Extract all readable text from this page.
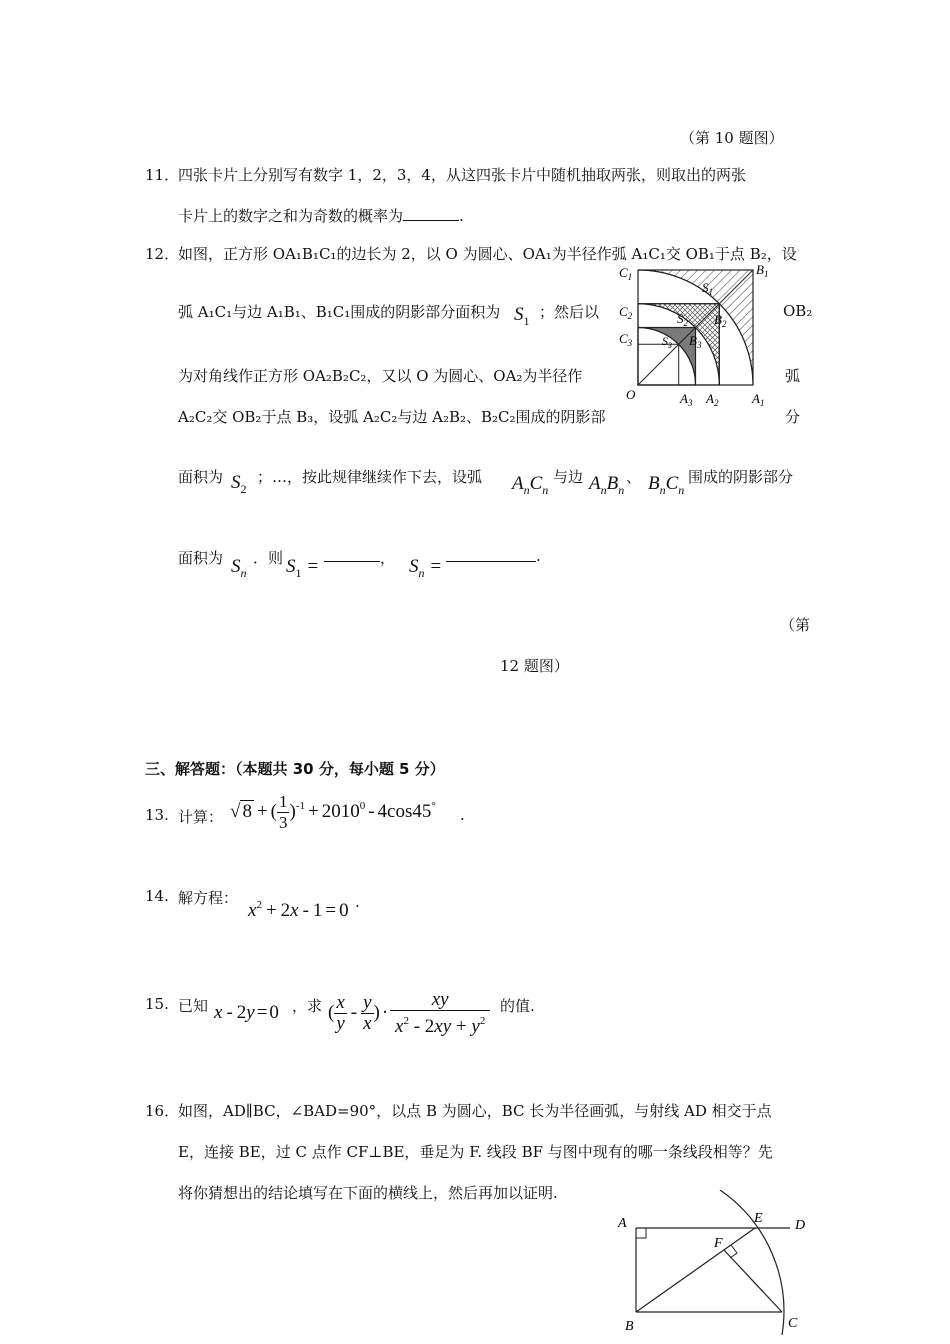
（第 10 题图）
11．
四张卡片上分别写有数字 1，2，3，4，从这四张卡片中随机抽取两张，则取出的两张
卡片上的数字之和为奇数的概率为	.
12．
如图，正方形 OA₁B₁C₁的边长为 2，以 O 为圆心、OA₁为半径作弧 A₁C₁交 OB₁于点 B₂，设
弧 A₁C₁与边 A₁B₁、B₁C₁围成的阴影部分面积为 $S_1$ ；然后以	OB₂
为对角线作正方形 OA₂B₂C₂，又以 O 为圆心、OA₂为半径作	弧
A₂C₂交 OB₂于点 B₃，设弧 A₂C₂与边 A₂B₂、B₂C₂围成的阴影部	分
面积为 $S_2$
；…，按此规律继续作下去，设弧 $A_nC_n$
与边 $A_nB_n$
、 $B_nC_n$
围成的阴影部分
面积为 $S_n$
．则 $S_1$ =	， $S_n$ =	.
（第
12 题图）
$C_1$
$C_2$
$C_3$
$B_1$
$B_2$
$B_3$
$S_1$
$S_2$
$S_3$
O	$A_3$ $A_2$	$A_1$
三、解答题：（本题共 30 分，每小题 5 分）
13. 计算： √ 8 + ( $\frac{1}{3} )^{-1} + 2010^0 - 4\cos 45^\circ$
.
14. 解方程：
$x^2 + 2x - 1 = 0$ .
15. 已知 x - 2y = 0 ，求 ( $\frac{x}{y} - \frac{y}{x}$ ) · $\frac{xy}{x^2 - 2xy + y^2}$ 的值.
16．
如图，AD∥BC，∠BAD=90°，以点 B 为圆心，BC 长为半径画弧，与射线 AD 相交于点
E，连接 BE，过 C 点作 CF⊥BE，垂足为 F. 线段 BF 与图中现有的哪一条线段相等？先
将你猜想出的结论填写在下面的横线上，然后再加以证明.
A	E D
F
B	C
